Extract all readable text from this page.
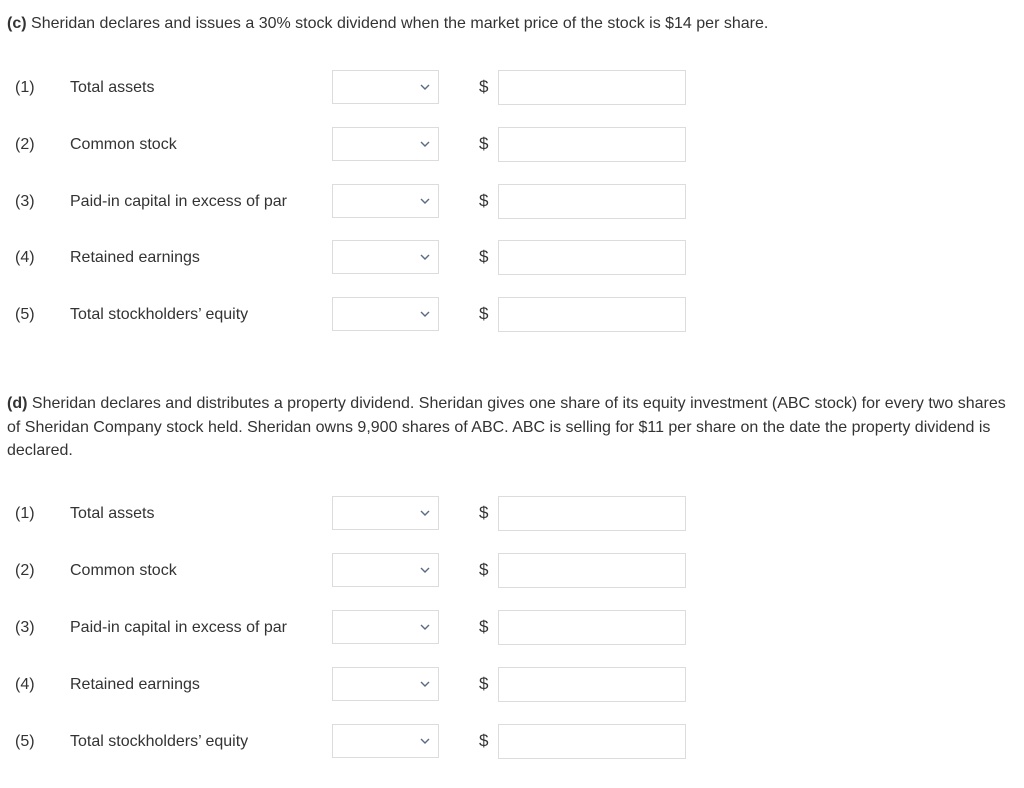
(c) Sheridan declares and issues a 30% stock dividend when the market price of the stock is $14 per share.
(1) Total assets	$
(2) Common stock	$
(3) Paid-in capital in excess of par	$
(4) Retained earnings	$
(5) Total stockholders’ equity	$
(d) Sheridan declares and distributes a property dividend. Sheridan gives one share of its equity investment (ABC stock) for every two shares of Sheridan Company stock held. Sheridan owns 9,900 shares of ABC. ABC is selling for $11 per share on the date the property dividend is declared.
(1) Total assets	$
(2) Common stock	$
(3) Paid-in capital in excess of par	$
(4) Retained earnings	$
(5) Total stockholders’ equity	$
